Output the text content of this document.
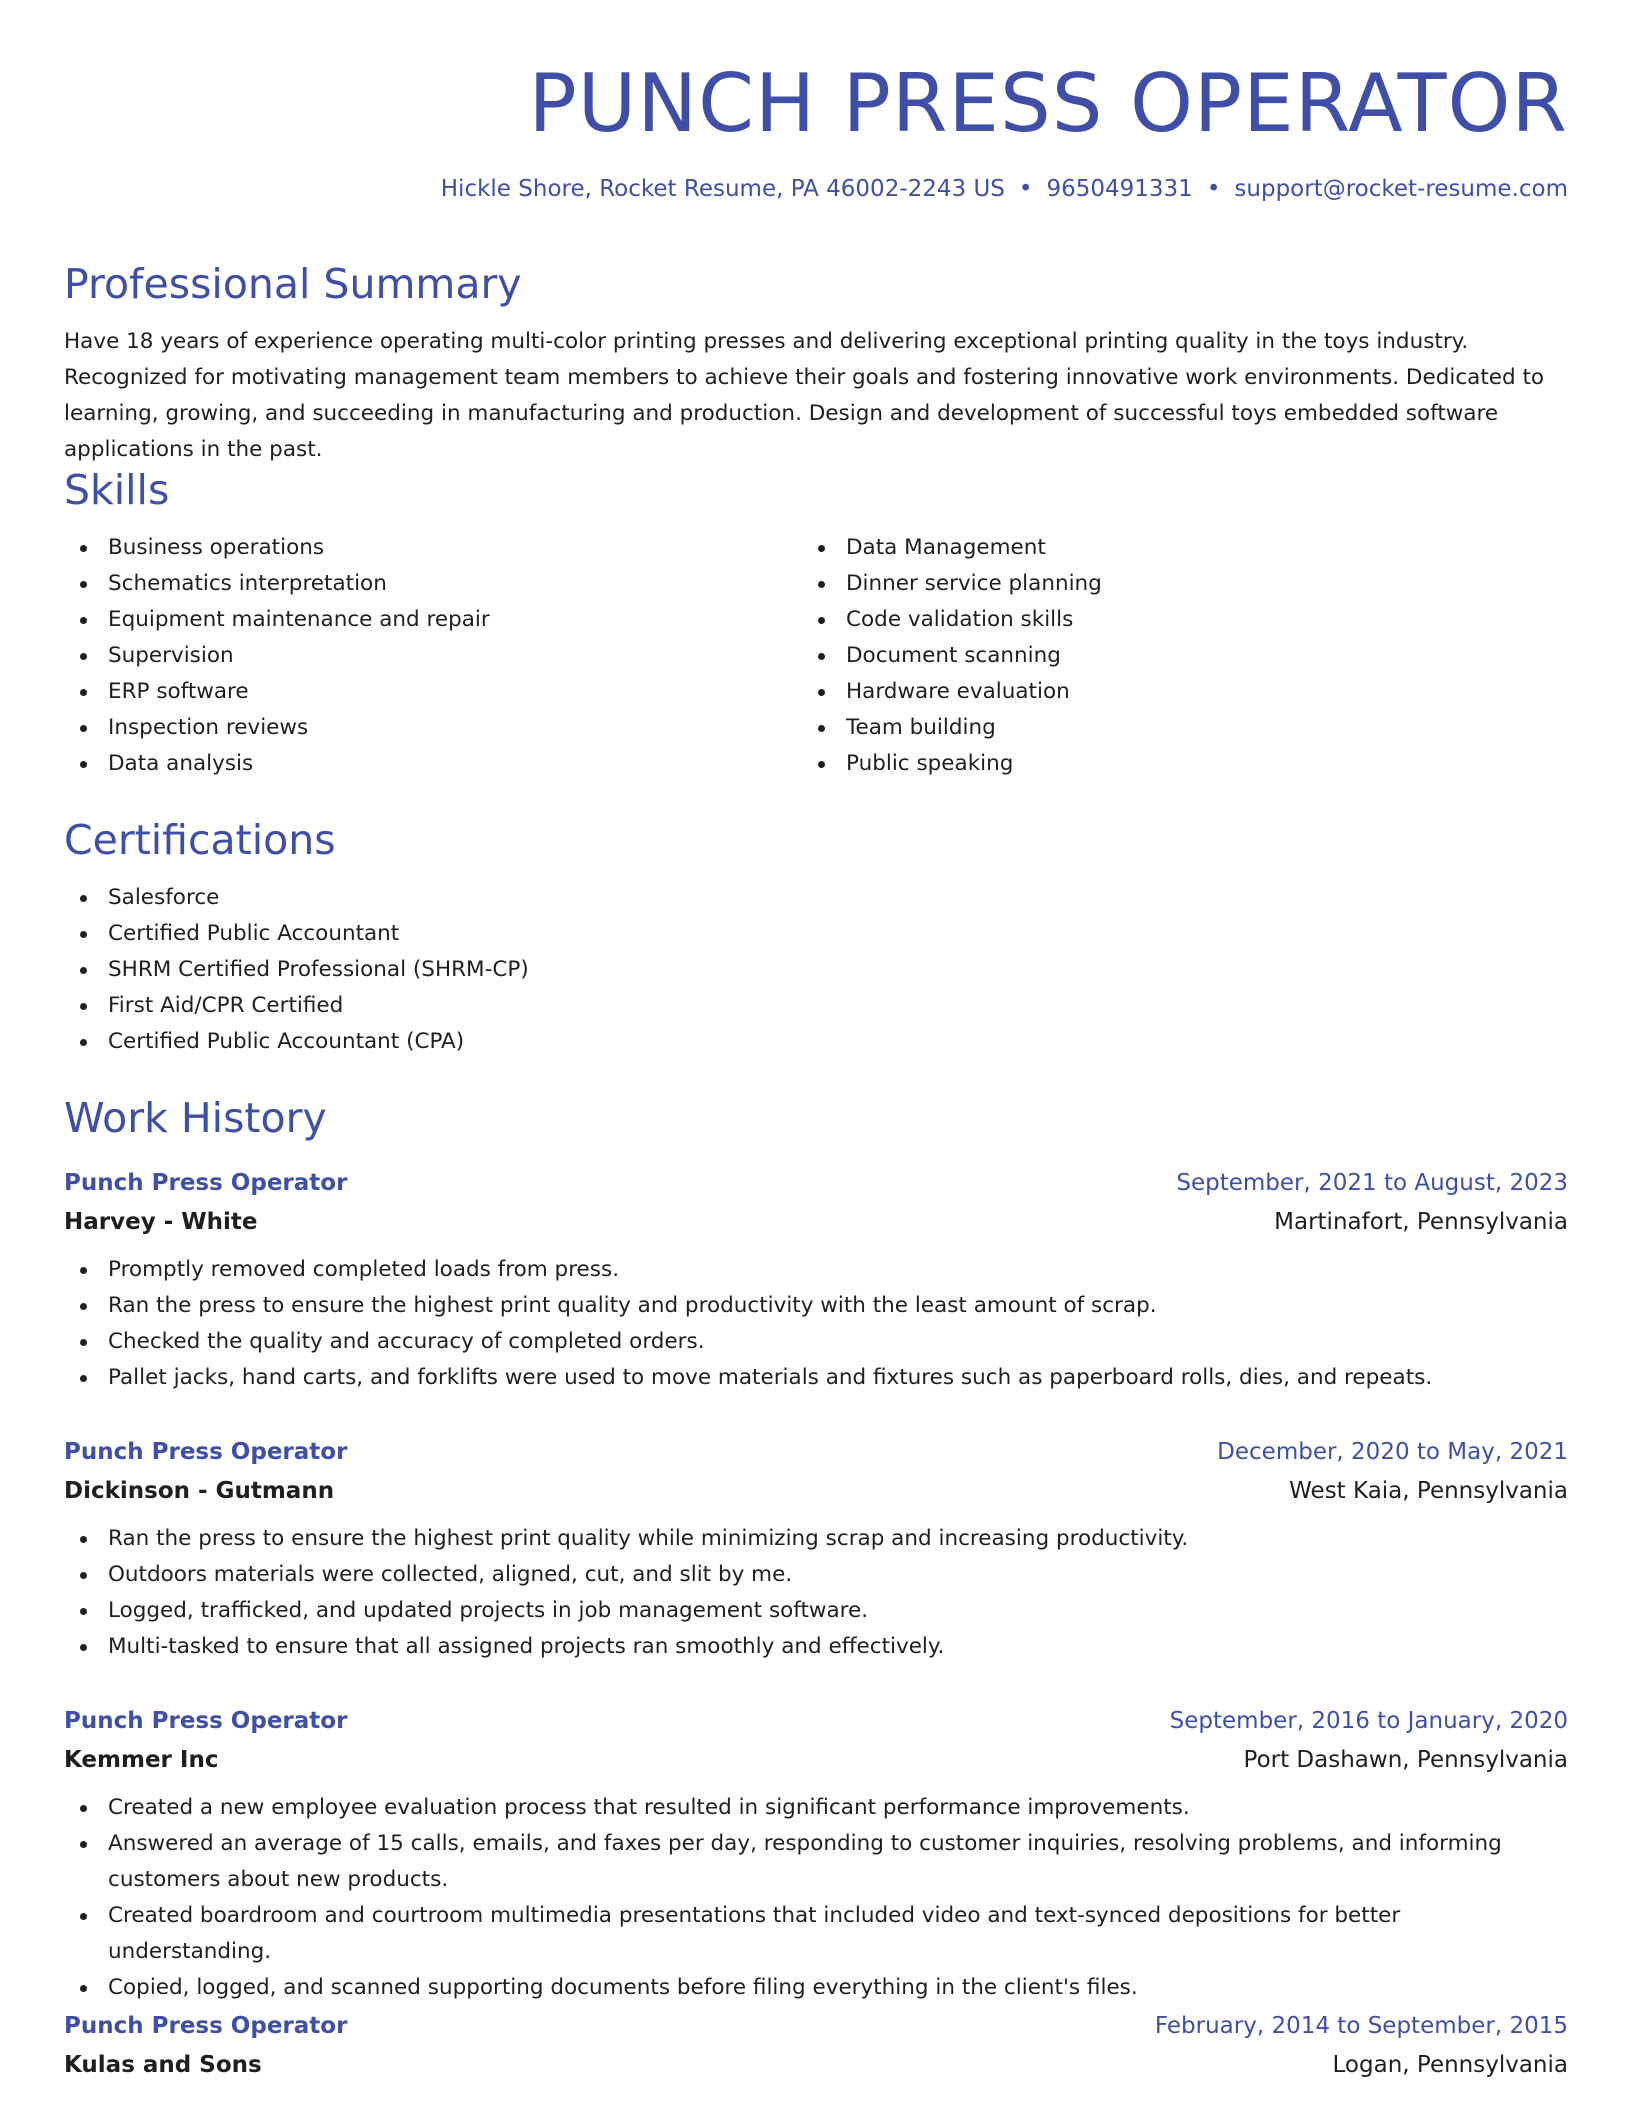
PUNCH PRESS OPERATOR
Hickle Shore, Rocket Resume, PA 46002-2243 US • 9650491331 • support@rocket-resume.com
Professional Summary

Have 18 years of experience operating multi-color printing presses and delivering exceptional printing quality in the toys industry. Recognized for motivating management team members to achieve their goals and fostering innovative work environments. Dedicated to learning, growing, and succeeding in manufacturing and production. Design and development of successful toys embedded software applications in the past.

Skills
Business operations
Schematics interpretation
Equipment maintenance and repair
Supervision
ERP software
Inspection reviews
Data analysis
Data Management
Dinner service planning
Code validation skills
Document scanning
Hardware evaluation
Team building
Public speaking
Certifications
Salesforce
Certified Public Accountant
SHRM Certified Professional (SHRM-CP)
First Aid/CPR Certified
Certified Public Accountant (CPA)
Work History
Punch Press Operator	September, 2021 to August, 2023
Harvey - White	Martinafort, Pennsylvania
Promptly removed completed loads from press.
Ran the press to ensure the highest print quality and productivity with the least amount of scrap.
Checked the quality and accuracy of completed orders.
Pallet jacks, hand carts, and forklifts were used to move materials and fixtures such as paperboard rolls, dies, and repeats.
Punch Press Operator	December, 2020 to May, 2021
Dickinson - Gutmann	West Kaia, Pennsylvania
Ran the press to ensure the highest print quality while minimizing scrap and increasing productivity.
Outdoors materials were collected, aligned, cut, and slit by me.
Logged, trafficked, and updated projects in job management software.
Multi-tasked to ensure that all assigned projects ran smoothly and effectively.
Punch Press Operator	September, 2016 to January, 2020
Kemmer Inc	Port Dashawn, Pennsylvania
Created a new employee evaluation process that resulted in significant performance improvements.
Answered an average of 15 calls, emails, and faxes per day, responding to customer inquiries, resolving problems, and informing customers about new products.
Created boardroom and courtroom multimedia presentations that included video and text-synced depositions for better understanding.
Copied, logged, and scanned supporting documents before filing everything in the client's files.
Punch Press Operator	February, 2014 to September, 2015
Kulas and Sons	Logan, Pennsylvania
